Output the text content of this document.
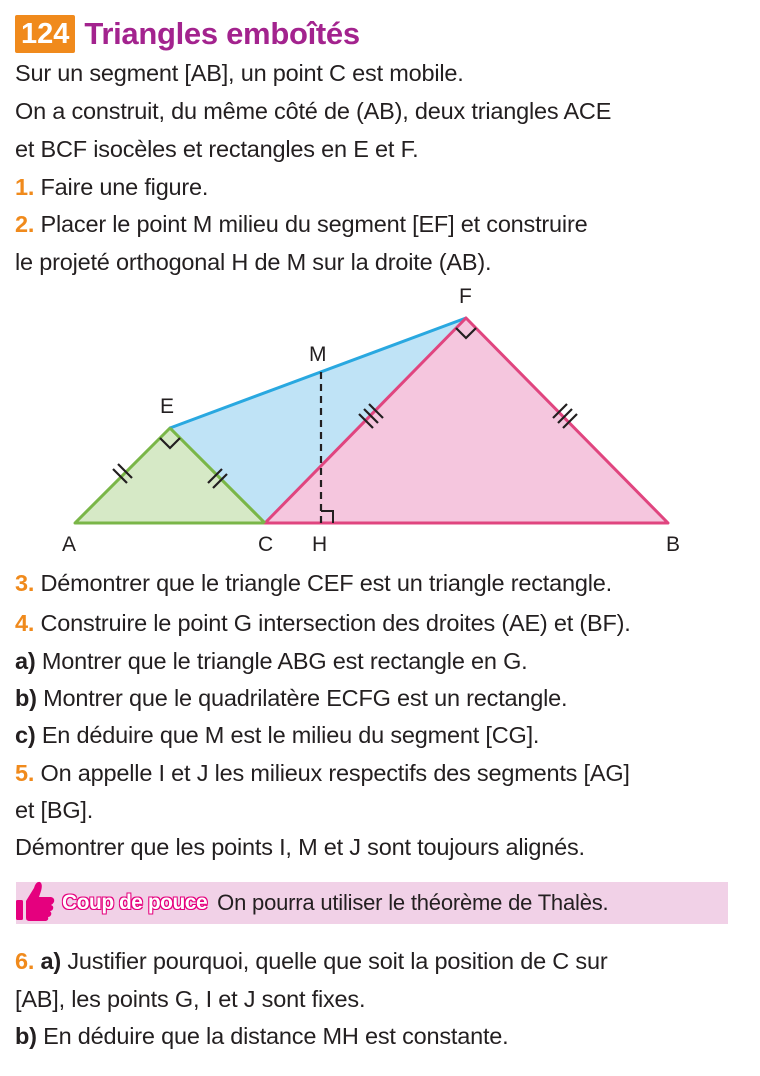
124 Triangles emboîtés
Sur un segment [AB], un point C est mobile.
On a construit, du même côté de (AB), deux triangles ACE
et BCF isocèles et rectangles en E et F.
1. Faire une figure.
2. Placer le point M milieu du segment [EF] et construire
le projeté orthogonal H de M sur la droite (AB).
A	C H	B
E
M
F
3. Démontrer que le triangle CEF est un triangle rectangle.
4. Construire le point G intersection des droites (AE) et (BF).
a) Montrer que le triangle ABG est rectangle en G.
b) Montrer que le quadrilatère ECFG est un rectangle.
c) En déduire que M est le milieu du segment [CG].
5. On appelle I et J les milieux respectifs des segments [AG]
et [BG].
Démontrer que les points I, M et J sont toujours alignés.
Coup de pouce On pourra utiliser le théorème de Thalès.
6. a) Justifier pourquoi, quelle que soit la position de C sur
[AB], les points G, I et J sont fixes.
b) En déduire que la distance MH est constante.
